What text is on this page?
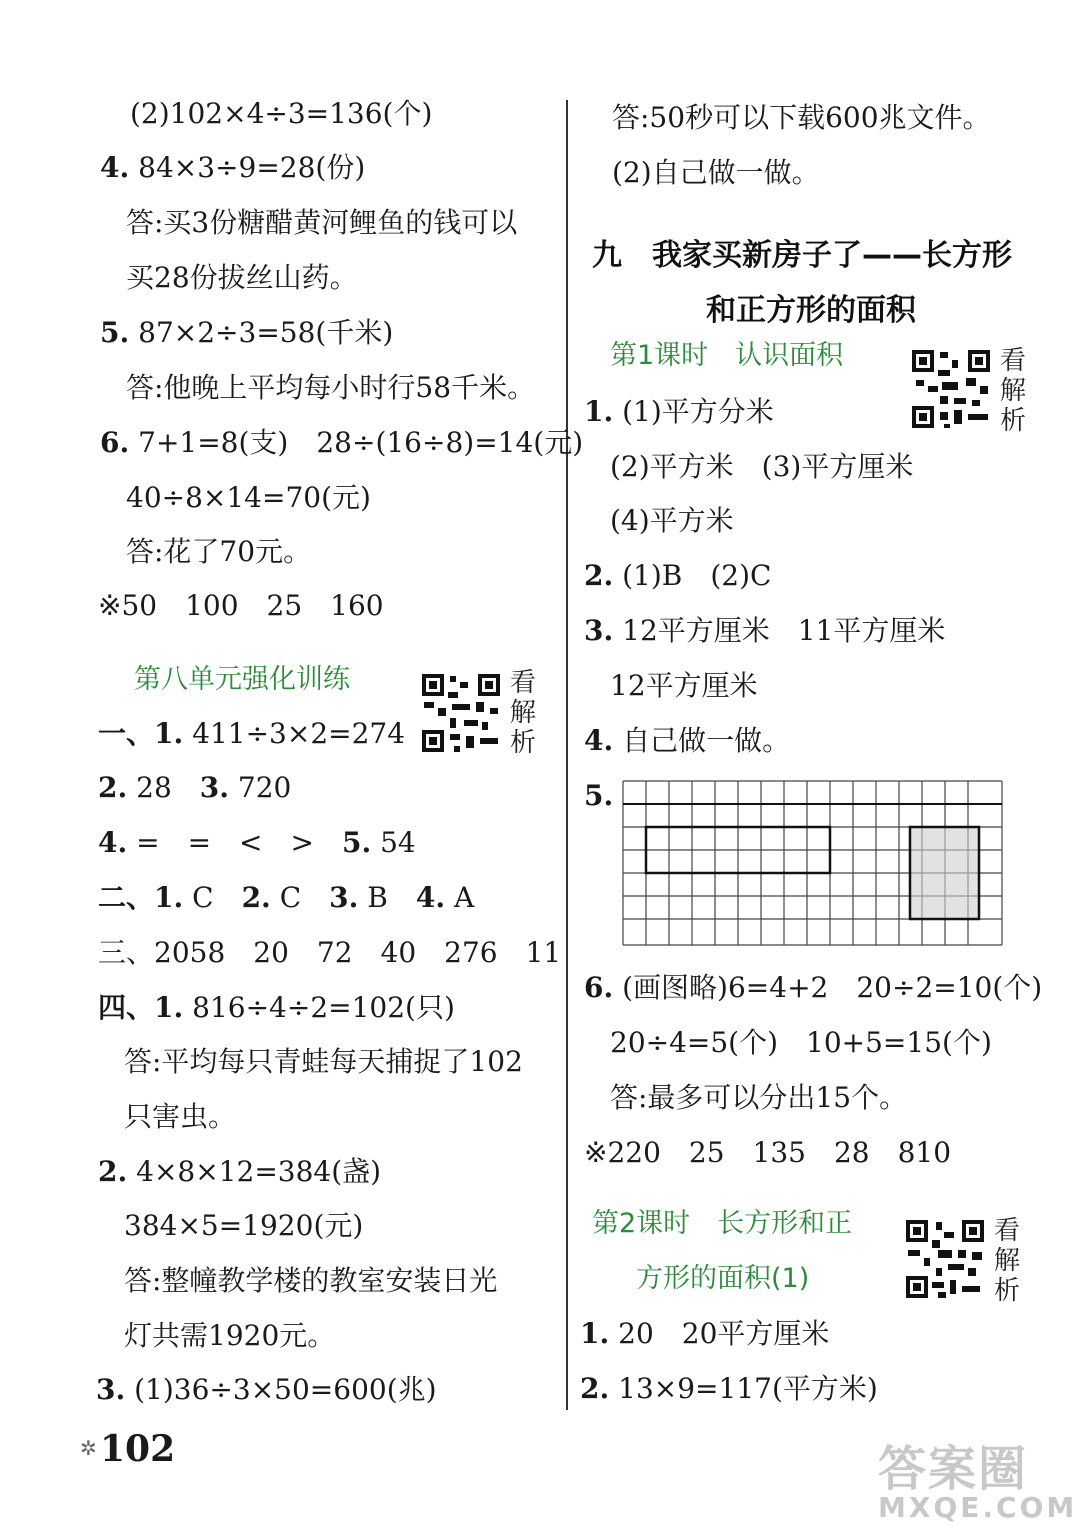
(2)102×4÷3=136(个)
4. 84×3÷9=28(份)
答:买3份糖醋黄河鲤鱼的钱可以
买28份拔丝山药。
5. 87×2÷3=58(千米)
答:他晚上平均每小时行58千米。
6. 7+1=8(支)　28÷(16÷8)=14(元)
40÷8×14=70(元)
答:花了70元。
※50　100　25　160
第八单元强化训练	看
解
析
一、1. 411÷3×2=274
2. 28　3. 720
4. =　=　<　>　5. 54
二、1. C　2. C　3. B　4. A
三、2058　20　72　40　276　11
四、1. 816÷4÷2=102(只)
答:平均每只青蛙每天捕捉了102
只害虫。
2. 4×8×12=384(盏)
384×5=1920(元)
答:整幢教学楼的教室安装日光
灯共需1920元。
3. (1)36÷3×50=600(兆)
答:50秒可以下载600兆文件。
(2)自己做一做。
九　我家买新房子了——长方形
和正方形的面积
第1课时　认识面积	看
解
析
1. (1)平方分米
(2)平方米　(3)平方厘米
(4)平方米
2. (1)B　(2)C
3. 12平方厘米　11平方厘米
12平方厘米
4. 自己做一做。
5.
6. (画图略)6=4+2　20÷2=10(个)
20÷4=5(个)　10+5=15(个)
答:最多可以分出15个。
※220　25　135　28　810
第2课时　长方形和正
方形的面积(1)
看
解
析
1. 20　20平方厘米
2. 13×9=117(平方米)
✲ 102	答案圈
MXQE.COM
